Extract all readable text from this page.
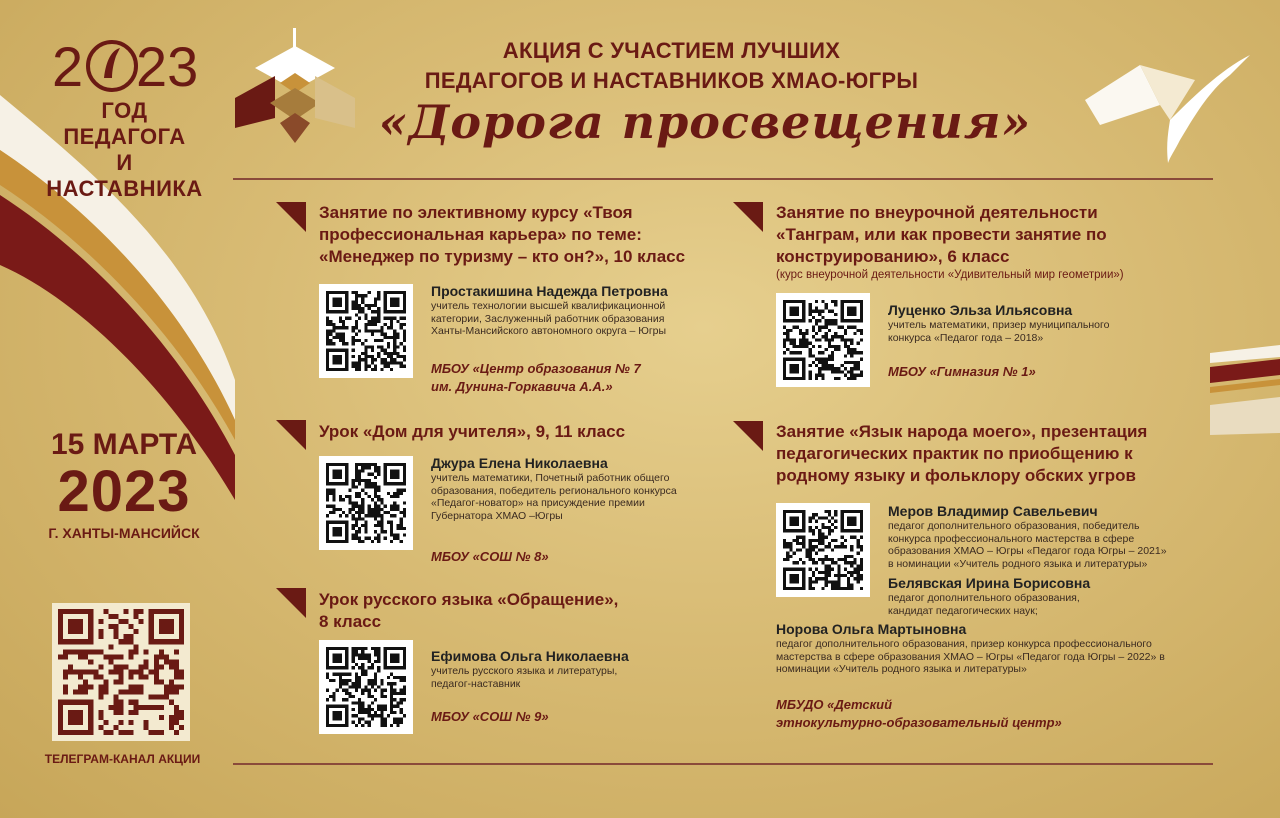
2 23
ГОД ПЕДАГОГА
И НАСТАВНИКА
15 МАРТА
2023
Г. ХАНТЫ-МАНСИЙСК
ТЕЛЕГРАМ-КАНАЛ АКЦИИ
АКЦИЯ С УЧАСТИЕМ ЛУЧШИХ
ПЕДАГОГОВ И НАСТАВНИКОВ ХМАО-ЮГРЫ
«Дорога просвещения»
Занятие по элективному курсу «Твоя
профессиональная карьера» по теме:
«Менеджер по туризму – кто он?», 10 класс
Простакишина Надежда Петровна
учитель технологии высшей квалификационной
категории, Заслуженный работник образования
Ханты-Мансийского автономного округа – Югры
МБОУ «Центр образования № 7
им. Дунина-Горкавича А.А.»
Урок «Дом для учителя», 9, 11 класс
Джура Елена Николаевна
учитель математики, Почетный работник общего
образования, победитель регионального конкурса
«Педагог-новатор» на присуждение премии
Губернатора ХМАО –Югры
МБОУ «СОШ № 8»
Урок русского языка «Обращение»,
8 класс
Ефимова Ольга Николаевна
учитель русского языка и литературы,
педагог-наставник
МБОУ «СОШ № 9»
Занятие по внеурочной деятельности
«Танграм, или как провести занятие по
конструированию», 6 класс
(курс внеурочной деятельности «Удивительный мир геометрии»)
Луценко Эльза Ильясовна
учитель математики, призер муниципального
конкурса «Педагог года – 2018»
МБОУ «Гимназия № 1»
Занятие «Язык народа моего», презентация
педагогических практик по приобщению к
родному языку и фольклору обских угров
Меров Владимир Савельевич
педагог дополнительного образования, победитель
конкурса профессионального мастерства в сфере
образования ХМАО – Югры «Педагог года Югры – 2021»
в номинации «Учитель родного языка и литературы»
Белявская Ирина Борисовна
педагог дополнительного образования,
кандидат педагогических наук;
Норова Ольга Мартыновна
педагог дополнительного образования, призер конкурса профессионального
мастерства в сфере образования ХМАО – Югры «Педагог года Югры – 2022» в
номинации «Учитель родного языка и литературы»
МБУДО «Детский
этнокультурно-образовательный центр»
